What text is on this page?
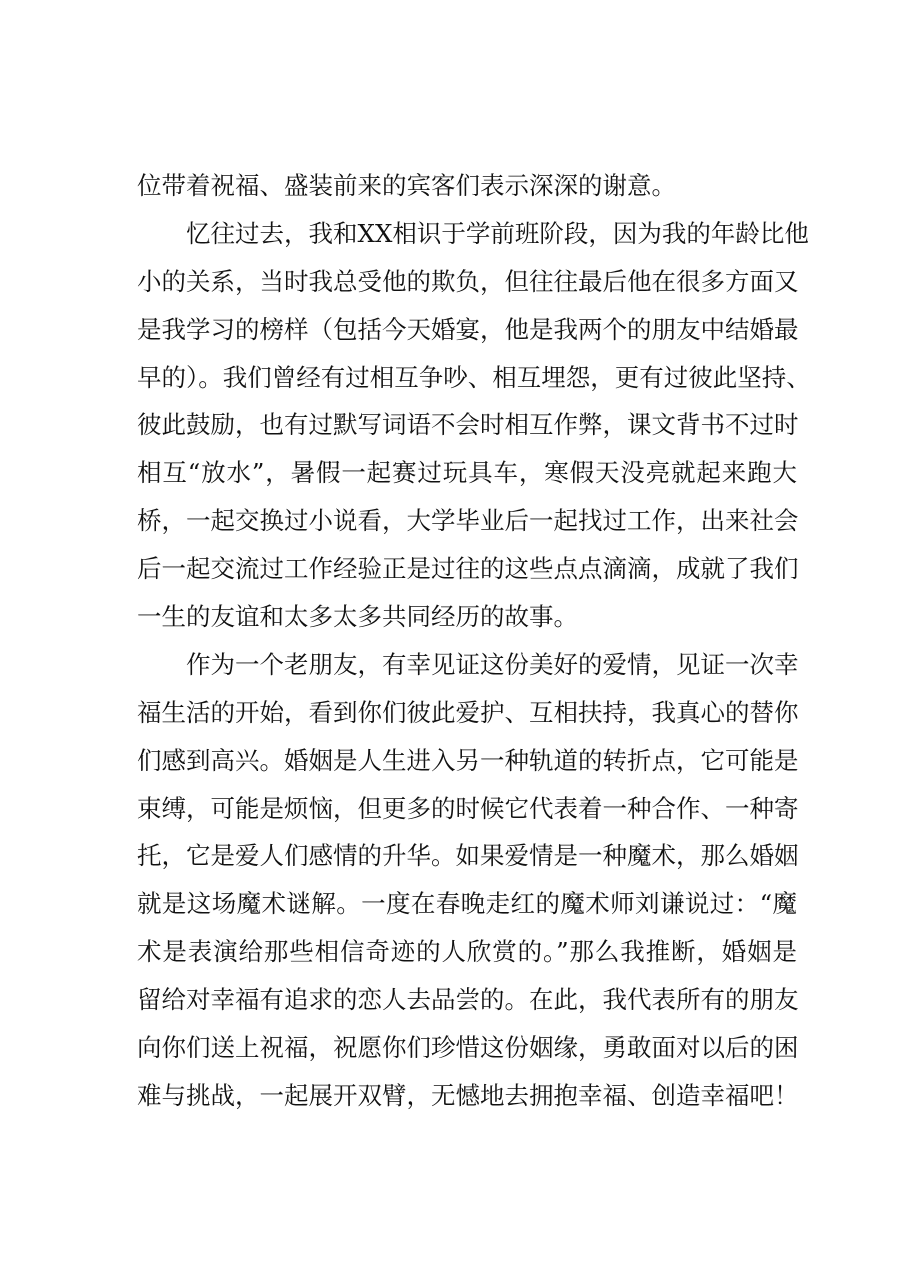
位带着祝福、盛装前来的宾客们表示深深的谢意。
忆往过去，我和XX相识于学前班阶段，因为我的年龄比他
小的关系，当时我总受他的欺负，但往往最后他在很多方面又
是我学习的榜样（包括今天婚宴，他是我两个的朋友中结婚最
早的）。我们曾经有过相互争吵、相互埋怨，更有过彼此坚持、
彼此鼓励，也有过默写词语不会时相互作弊，课文背书不过时
相互“放水”，暑假一起赛过玩具车，寒假天没亮就起来跑大
桥，一起交换过小说看，大学毕业后一起找过工作，出来社会
后一起交流过工作经验正是过往的这些点点滴滴，成就了我们
一生的友谊和太多太多共同经历的故事。
作为一个老朋友，有幸见证这份美好的爱情，见证一次幸
福生活的开始，看到你们彼此爱护、互相扶持，我真心的替你
们感到高兴。婚姻是人生进入另一种轨道的转折点，它可能是
束缚，可能是烦恼，但更多的时候它代表着一种合作、一种寄
托，它是爱人们感情的升华。如果爱情是一种魔术，那么婚姻
就是这场魔术谜解。一度在春晚走红的魔术师刘谦说过：“魔
术是表演给那些相信奇迹的人欣赏的。”那么我推断，婚姻是
留给对幸福有追求的恋人去品尝的。在此，我代表所有的朋友
向你们送上祝福，祝愿你们珍惜这份姻缘，勇敢面对以后的困
难与挑战，一起展开双臂，无憾地去拥抱幸福、创造幸福吧！
